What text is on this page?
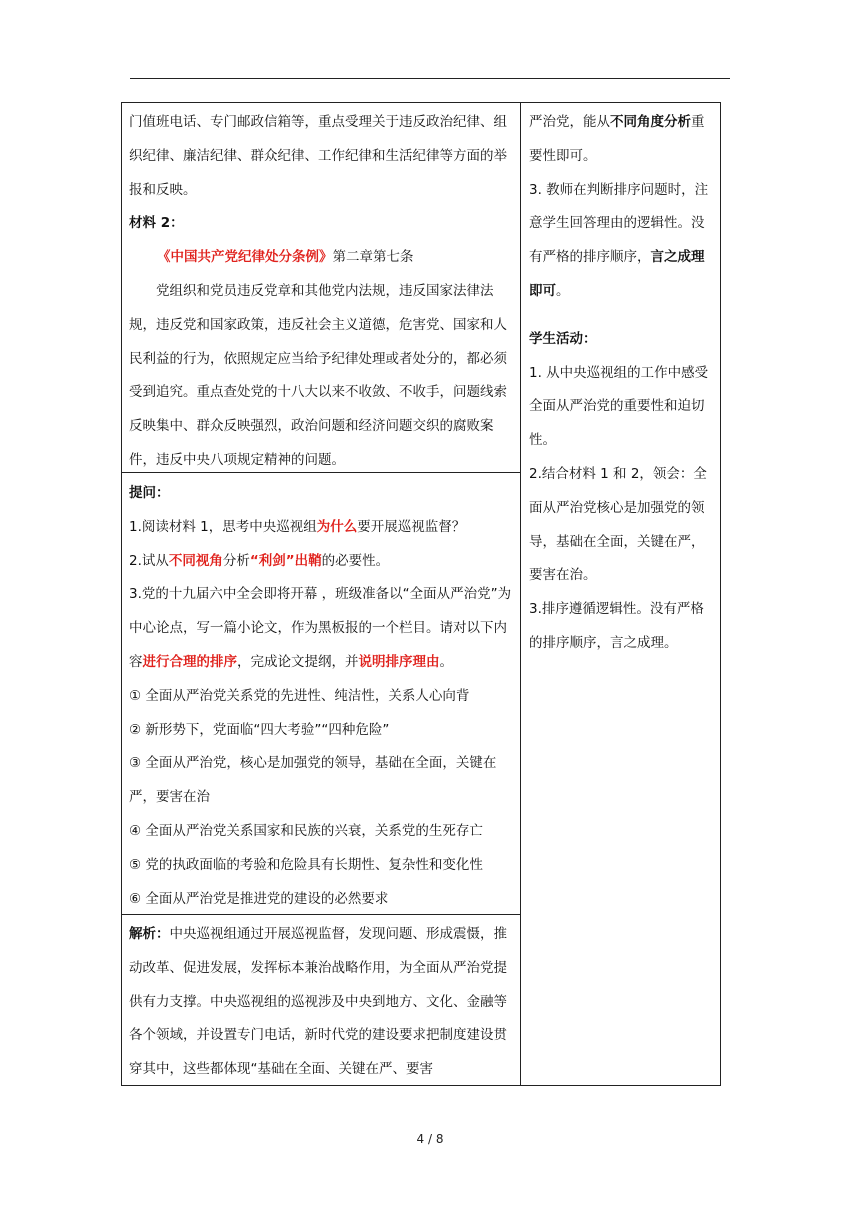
门值班电话、专门邮政信箱等，重点受理关于违反政治纪律、组织纪律、廉洁纪律、群众纪律、工作纪律和生活纪律等方面的举报和反映。

材料 2：

《中国共产党纪律处分条例》第二章第七条

党组织和党员违反党章和其他党内法规，违反国家法律法规，违反党和国家政策，违反社会主义道德，危害党、国家和人民利益的行为，依照规定应当给予纪律处理或者处分的，都必须受到追究。重点查处党的十八大以来不收敛、不收手，问题线索反映集中、群众反映强烈，政治问题和经济问题交织的腐败案件，违反中央八项规定精神的问题。

提问：

1.阅读材料 1，思考中央巡视组为什么要开展巡视监督？

2.试从不同视角分析“利剑”出鞘的必要性。

3.党的十九届六中全会即将开幕 ，班级准备以“全面从严治党”为中心论点，写一篇小论文，作为黑板报的一个栏目。请对以下内容进行合理的排序，完成论文提纲，并说明排序理由。

① 全面从严治党关系党的先进性、纯洁性，关系人心向背

② 新形势下，党面临“四大考验”“四种危险”

③ 全面从严治党，核心是加强党的领导，基础在全面，关键在严，要害在治

④ 全面从严治党关系国家和民族的兴衰，关系党的生死存亡

⑤ 党的执政面临的考验和危险具有长期性、复杂性和变化性

⑥ 全面从严治党是推进党的建设的必然要求

解析：中央巡视组通过开展巡视监督，发现问题、形成震慑，推动改革、促进发展，发挥标本兼治战略作用，为全面从严治党提供有力支撑。中央巡视组的巡视涉及中央到地方、文化、金融等各个领域，并设置专门电话，新时代党的建设要求把制度建设贯穿其中，这些都体现“基础在全面、关键在严、要害

严治党，能从不同角度分析重要性即可。

3. 教师在判断排序问题时，注意学生回答理由的逻辑性。没有严格的排序顺序，言之成理即可。

学生活动：

1. 从中央巡视组的工作中感受全面从严治党的重要性和迫切性。

2.结合材料 1 和 2，领会：全面从严治党核心是加强党的领导，基础在全面，关键在严，要害在治。

3.排序遵循逻辑性。没有严格的排序顺序，言之成理。

4 / 8
